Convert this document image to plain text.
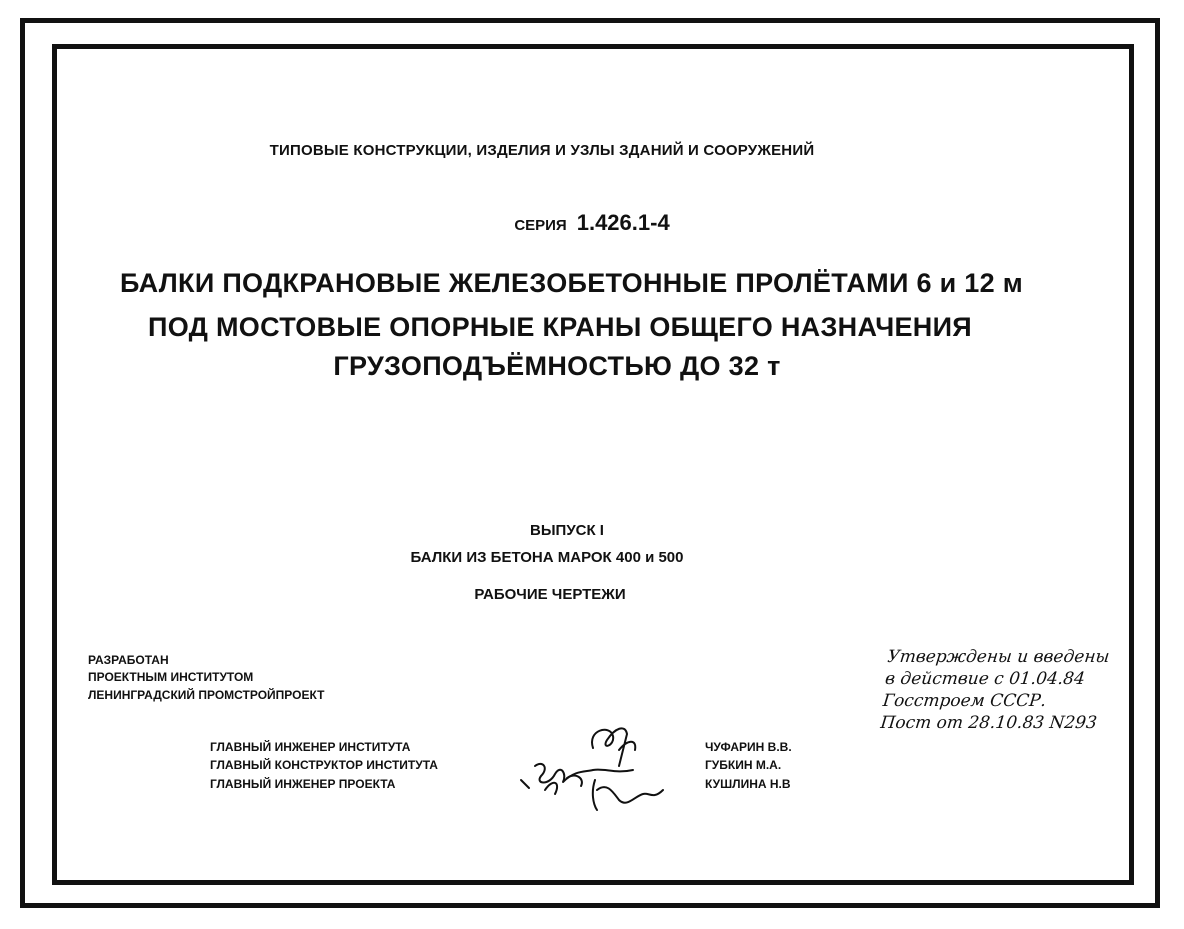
ТИПОВЫЕ КОНСТРУКЦИИ, ИЗДЕЛИЯ И УЗЛЫ ЗДАНИЙ И СООРУЖЕНИЙ
СЕРИЯ 1.426.1-4
БАЛКИ ПОДКРАНОВЫЕ ЖЕЛЕЗОБЕТОННЫЕ ПРОЛЁТАМИ 6 и 12 м
ПОД МОСТОВЫЕ ОПОРНЫЕ КРАНЫ ОБЩЕГО НАЗНАЧЕНИЯ
ГРУЗОПОДЪЁМНОСТЬЮ ДО 32 т
ВЫПУСК I
БАЛКИ ИЗ БЕТОНА МАРОК 400 и 500
РАБОЧИЕ ЧЕРТЕЖИ
РАЗРАБОТАН
ПРОЕКТНЫМ ИНСТИТУТОМ
ЛЕНИНГРАДСКИЙ ПРОМСТРОЙПРОЕКТ
ГЛАВНЫЙ ИНЖЕНЕР ИНСТИТУТА
ГЛАВНЫЙ КОНСТРУКТОР ИНСТИТУТА
ГЛАВНЫЙ ИНЖЕНЕР ПРОЕКТА
ЧУФАРИН В.В.
ГУБКИН М.А.
КУШЛИНА Н.В
Утверждены и введены
в действие с 01.04.84
Госстроем СССР.
Пост от 28.10.83 N293
